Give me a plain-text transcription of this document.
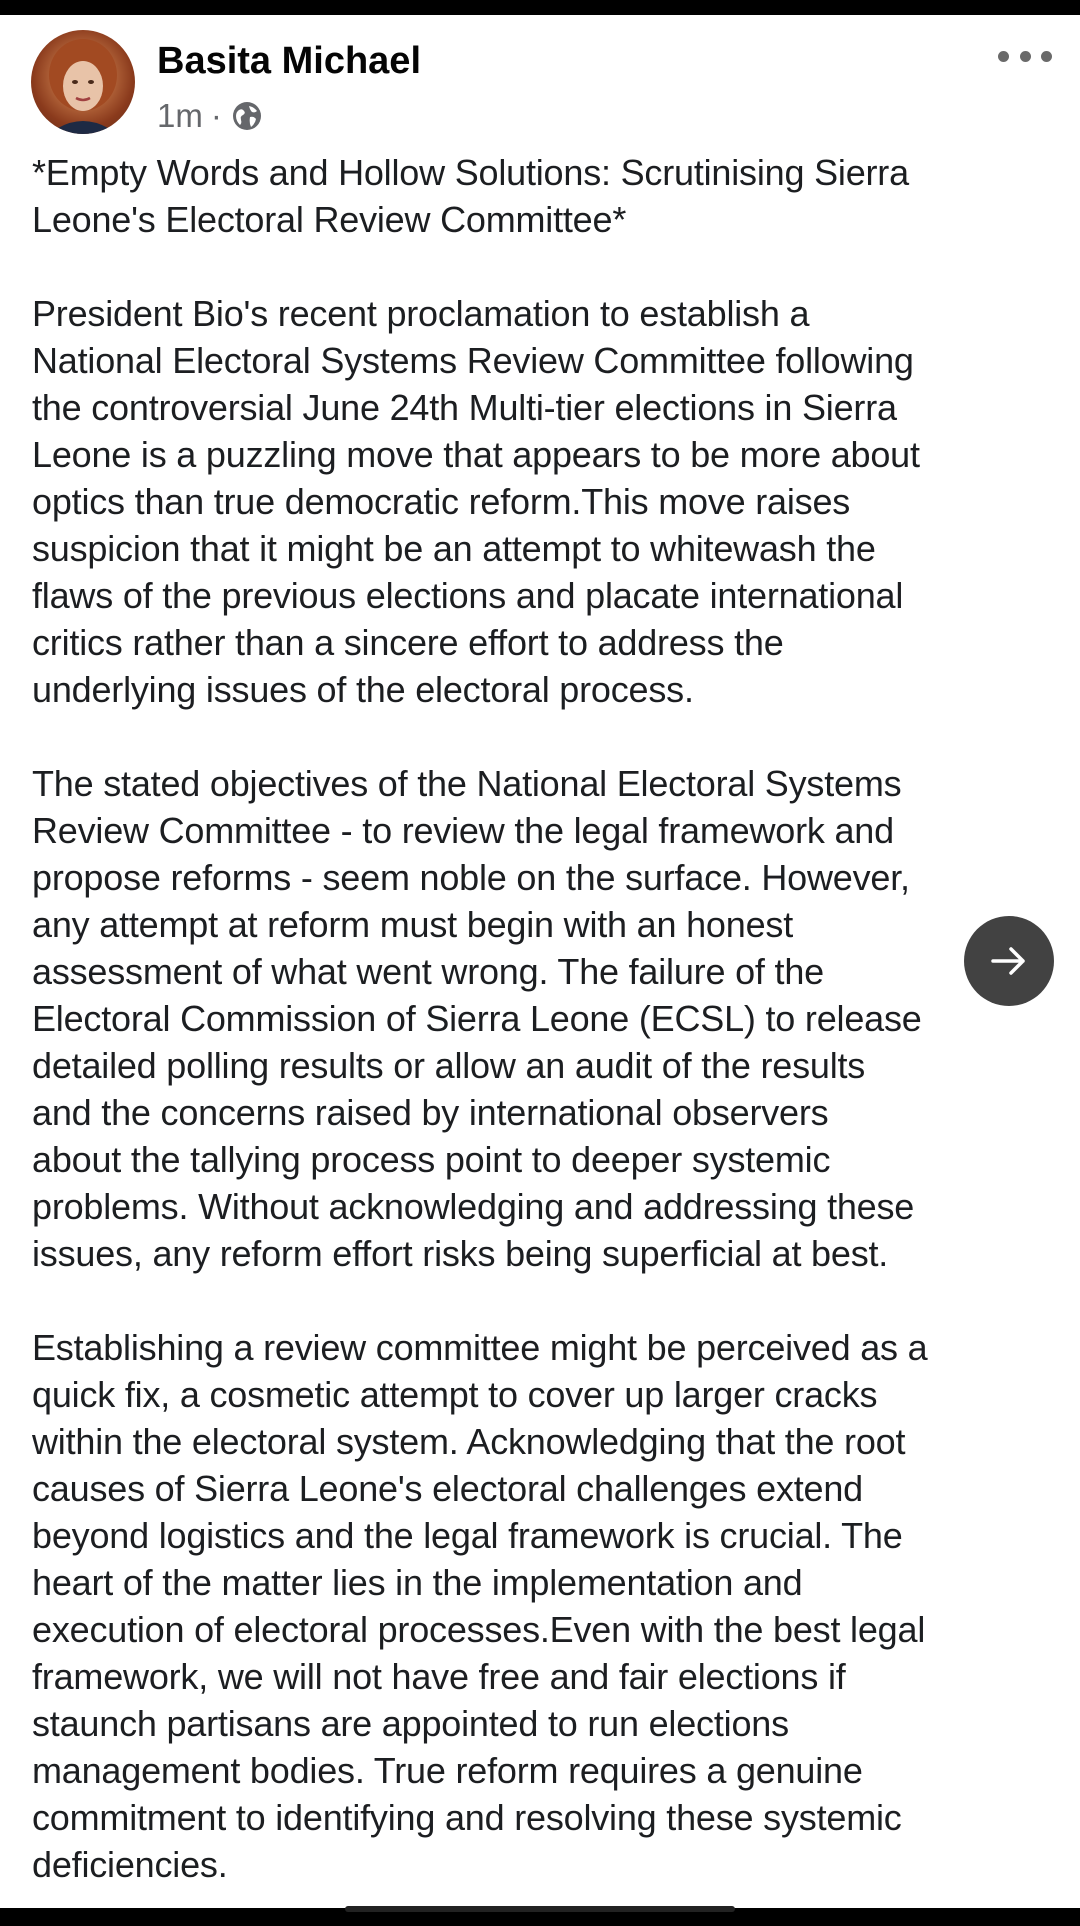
Basita Michael
1m ·

*Empty Words and Hollow Solutions: Scrutinising Sierra
Leone's Electoral Review Committee*

President Bio's recent proclamation to establish a
National Electoral Systems Review Committee following
the controversial June 24th Multi-tier elections in Sierra
Leone is a puzzling move that appears to be more about
optics than true democratic reform.This move raises
suspicion that it might be an attempt to whitewash the
flaws of the previous elections and placate international
critics rather than a sincere effort to address the
underlying issues of the electoral process.

The stated objectives of the National Electoral Systems
Review Committee - to review the legal framework and
propose reforms - seem noble on the surface. However,
any attempt at reform must begin with an honest
assessment of what went wrong. The failure of the
Electoral Commission of Sierra Leone (ECSL) to release
detailed polling results or allow an audit of the results
and the concerns raised by international observers
about the tallying process point to deeper systemic
problems. Without acknowledging and addressing these
issues, any reform effort risks being superficial at best.

Establishing a review committee might be perceived as a
quick fix, a cosmetic attempt to cover up larger cracks
within the electoral system. Acknowledging that the root
causes of Sierra Leone's electoral challenges extend
beyond logistics and the legal framework is crucial. The
heart of the matter lies in the implementation and
execution of electoral processes.Even with the best legal
framework, we will not have free and fair elections if
staunch partisans are appointed to run elections
management bodies. True reform requires a genuine
commitment to identifying and resolving these systemic
deficiencies.
